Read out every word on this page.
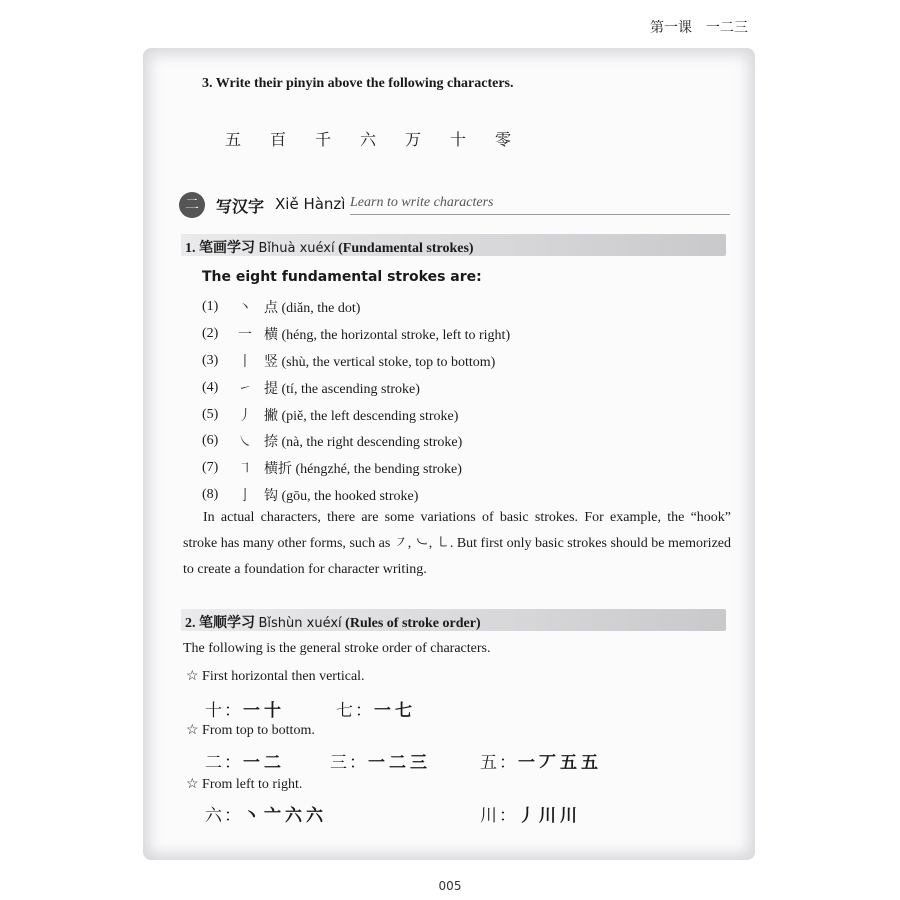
第一课　一二三
3. Write their pinyin above the following characters.
五 百 千 六 万 十 零
二	写汉字 Xiě Hànzì Learn to write characters
1. 笔画学习 Bǐhuà xuéxí (Fundamental strokes)
The eight fundamental strokes are:
(1)	丶 点 (diǎn, the dot)
(2)	一 横 (héng, the horizontal stroke, left to right)
(3)	丨 竖 (shù, the vertical stoke, top to bottom)
(4)	㇀ 提 (tí, the ascending stroke)
(5)	丿 撇 (piě, the left descending stroke)
(6)	㇏ 捺 (nà, the right descending stroke)
(7)	㇕ 横折 (héngzhé, the bending stroke)
(8)	亅 钩 (gōu, the hooked stroke)
In actual characters, there are some variations of basic strokes. For example, the “hook” stroke has many other forms, such as ㇇, ㇃, ㇄. But first only basic strokes should be memorized to create a foundation for character writing.
2. 笔顺学习 Bǐshùn xuéxí (Rules of stroke order)
The following is the general stroke order of characters.
☆ First horizontal then vertical.
十：一十	七：一七
☆ From top to bottom.
二：一二	三：一二三	五：一丆五五
☆ From left to right.
六：丶亠六六	川：丿川川
005
